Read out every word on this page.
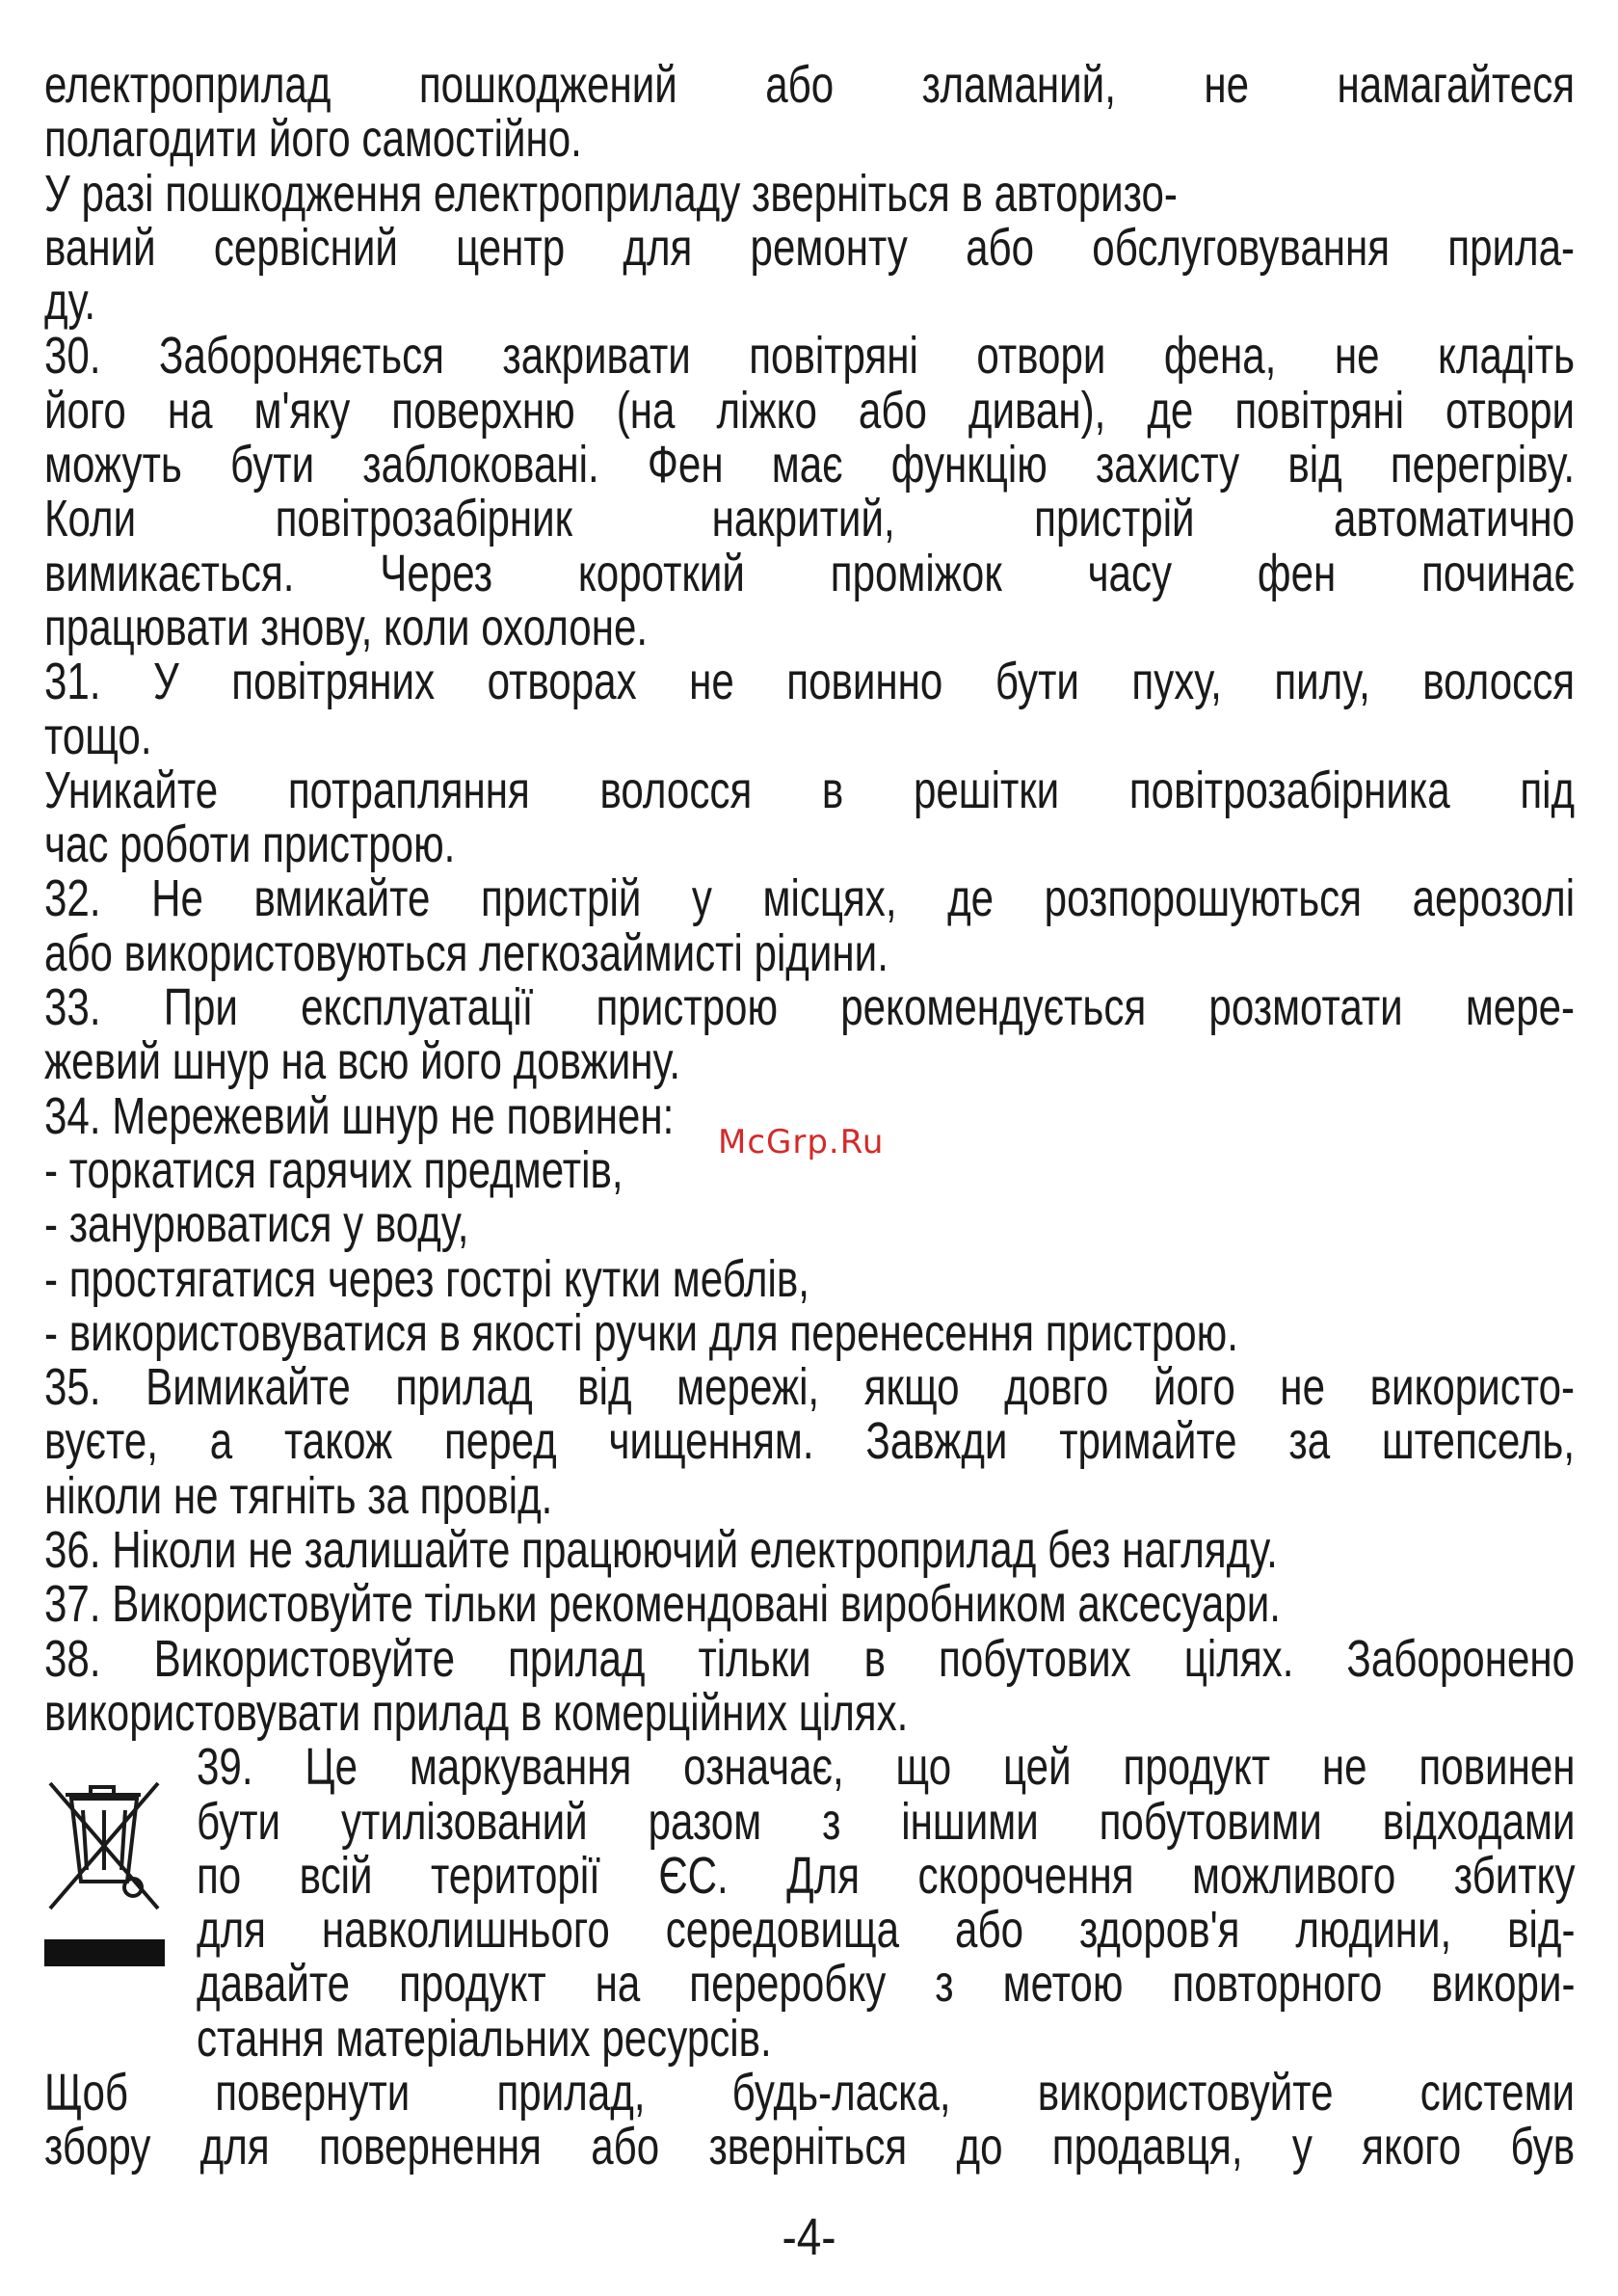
електроприлад пошкоджений або зламаний, не намагайтеся
полагодити його самостійно.
У разі пошкодження електроприладу зверніться в авторизо-
ваний сервісний центр для ремонту або обслуговування прила-
ду.
30. Забороняється закривати повітряні отвори фена, не кладіть
його на м'яку поверхню (на ліжко або диван), де повітряні отвори
можуть бути заблоковані. Фен має функцію захисту від перегріву.
Коли повітрозабірник накритий, пристрій автоматично
вимикається. Через короткий проміжок часу фен починає
працювати знову, коли охолоне.
31. У повітряних отворах не повинно бути пуху, пилу, волосся
тощо.
Уникайте потрапляння волосся в решітки повітрозабірника під
час роботи пристрою.
32. Не вмикайте пристрій у місцях, де розпорошуються аерозолі
або використовуються легкозаймисті рідини.
33. При експлуатації пристрою рекомендується розмотати мере-
жевий шнур на всю його довжину.
34. Мережевий шнур не повинен:
- торкатися гарячих предметів,
- занурюватися у воду,
- простягатися через гострі кутки меблів,
- використовуватися в якості ручки для перенесення пристрою.
35. Вимикайте прилад від мережі, якщо довго його не використо-
вуєте, а також перед чищенням. Завжди тримайте за штепсель,
ніколи не тягніть за провід.
36. Ніколи не залишайте працюючий електроприлад без нагляду.
37. Використовуйте тільки рекомендовані виробником аксесуари.
38. Використовуйте прилад тільки в побутових цілях. Заборонено
використовувати прилад в комерційних цілях.
39. Це маркування означає, що цей продукт не повинен
бути утилізований разом з іншими побутовими відходами
по всій території ЄС. Для скорочення можливого збитку
для навколишнього середовища або здоров'я людини, від-
давайте продукт на переробку з метою повторного викори-
стання матеріальних ресурсів.
Щоб повернути прилад, будь-ласка, використовуйте системи
збору для повернення або зверніться до продавця, у якого був
McGrp.Ru
-4-
